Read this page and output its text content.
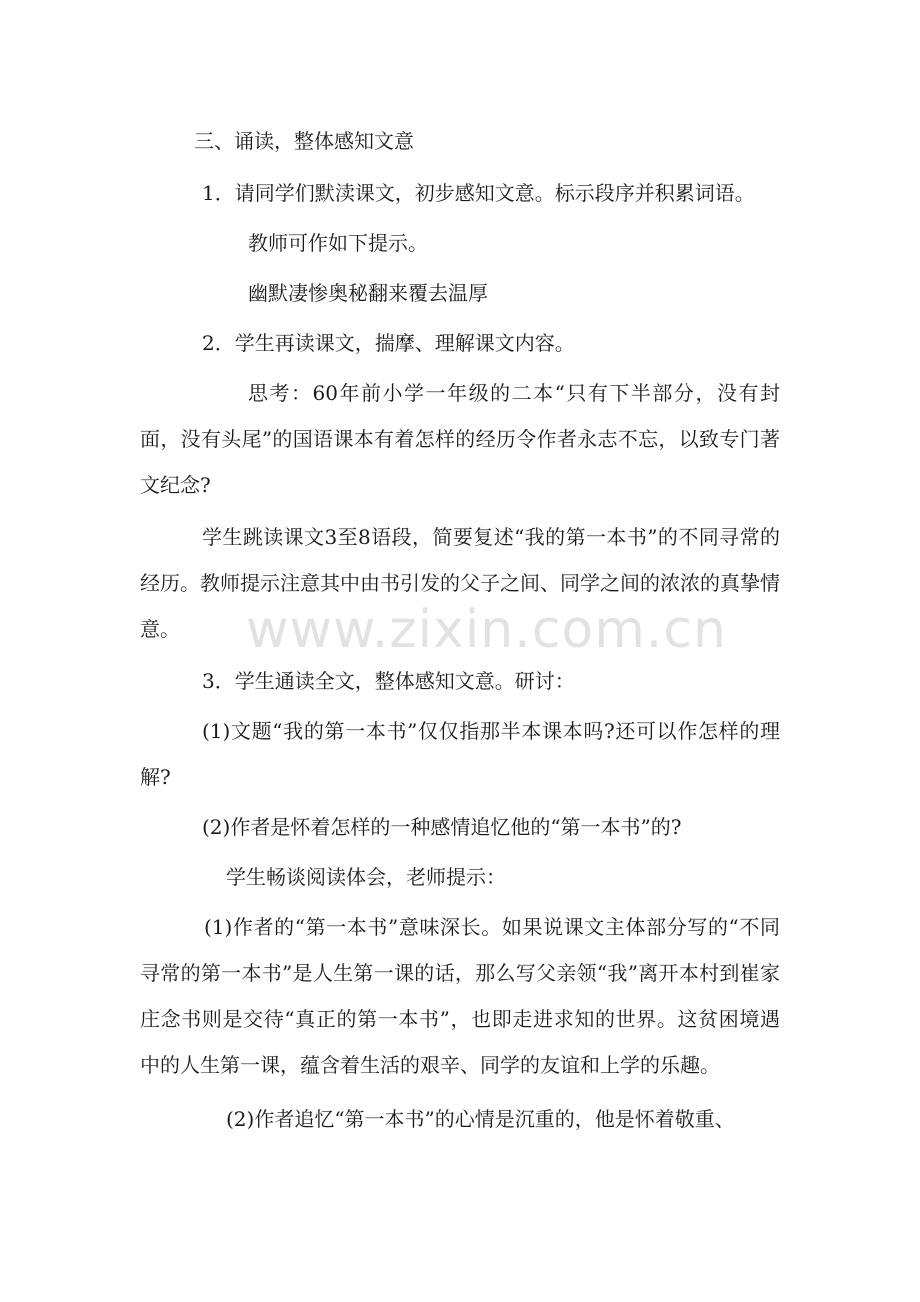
三、诵读，整体感知文意

1．请同学们默渎课文，初步感知文意。标示段序并积累词语。

教师可作如下提示。

幽默凄惨奥秘翻来覆去温厚

2．学生再读课文，揣摩、理解课文内容。

思考：60年前小学一年级的二本“只有下半部分，没有封面，没有头尾”的国语课本有着怎样的经历令作者永志不忘，以致专门著文纪念?

学生跳读课文3至8语段，简要复述“我的第一本书”的不同寻常的经历。教师提示注意其中由书引发的父子之间、同学之间的浓浓的真挚情意。

3．学生通读全文，整体感知文意。研讨：

(1)文题“我的第一本书”仅仅指那半本课本吗?还可以作怎样的理解?

(2)作者是怀着怎样的一种感情追忆他的“第一本书”的?

学生畅谈阅读体会，老师提示：

(1)作者的“第一本书”意味深长。如果说课文主体部分写的“不同寻常的第一本书”是人生第一课的话，那么写父亲领“我”离开本村到崔家庄念书则是交待“真正的第一本书”，也即走进求知的世界。这贫困境遇中的人生第一课，蕴含着生活的艰辛、同学的友谊和上学的乐趣。

(2)作者追忆“第一本书”的心情是沉重的，他是怀着敬重、

www.zixin.com.cn
